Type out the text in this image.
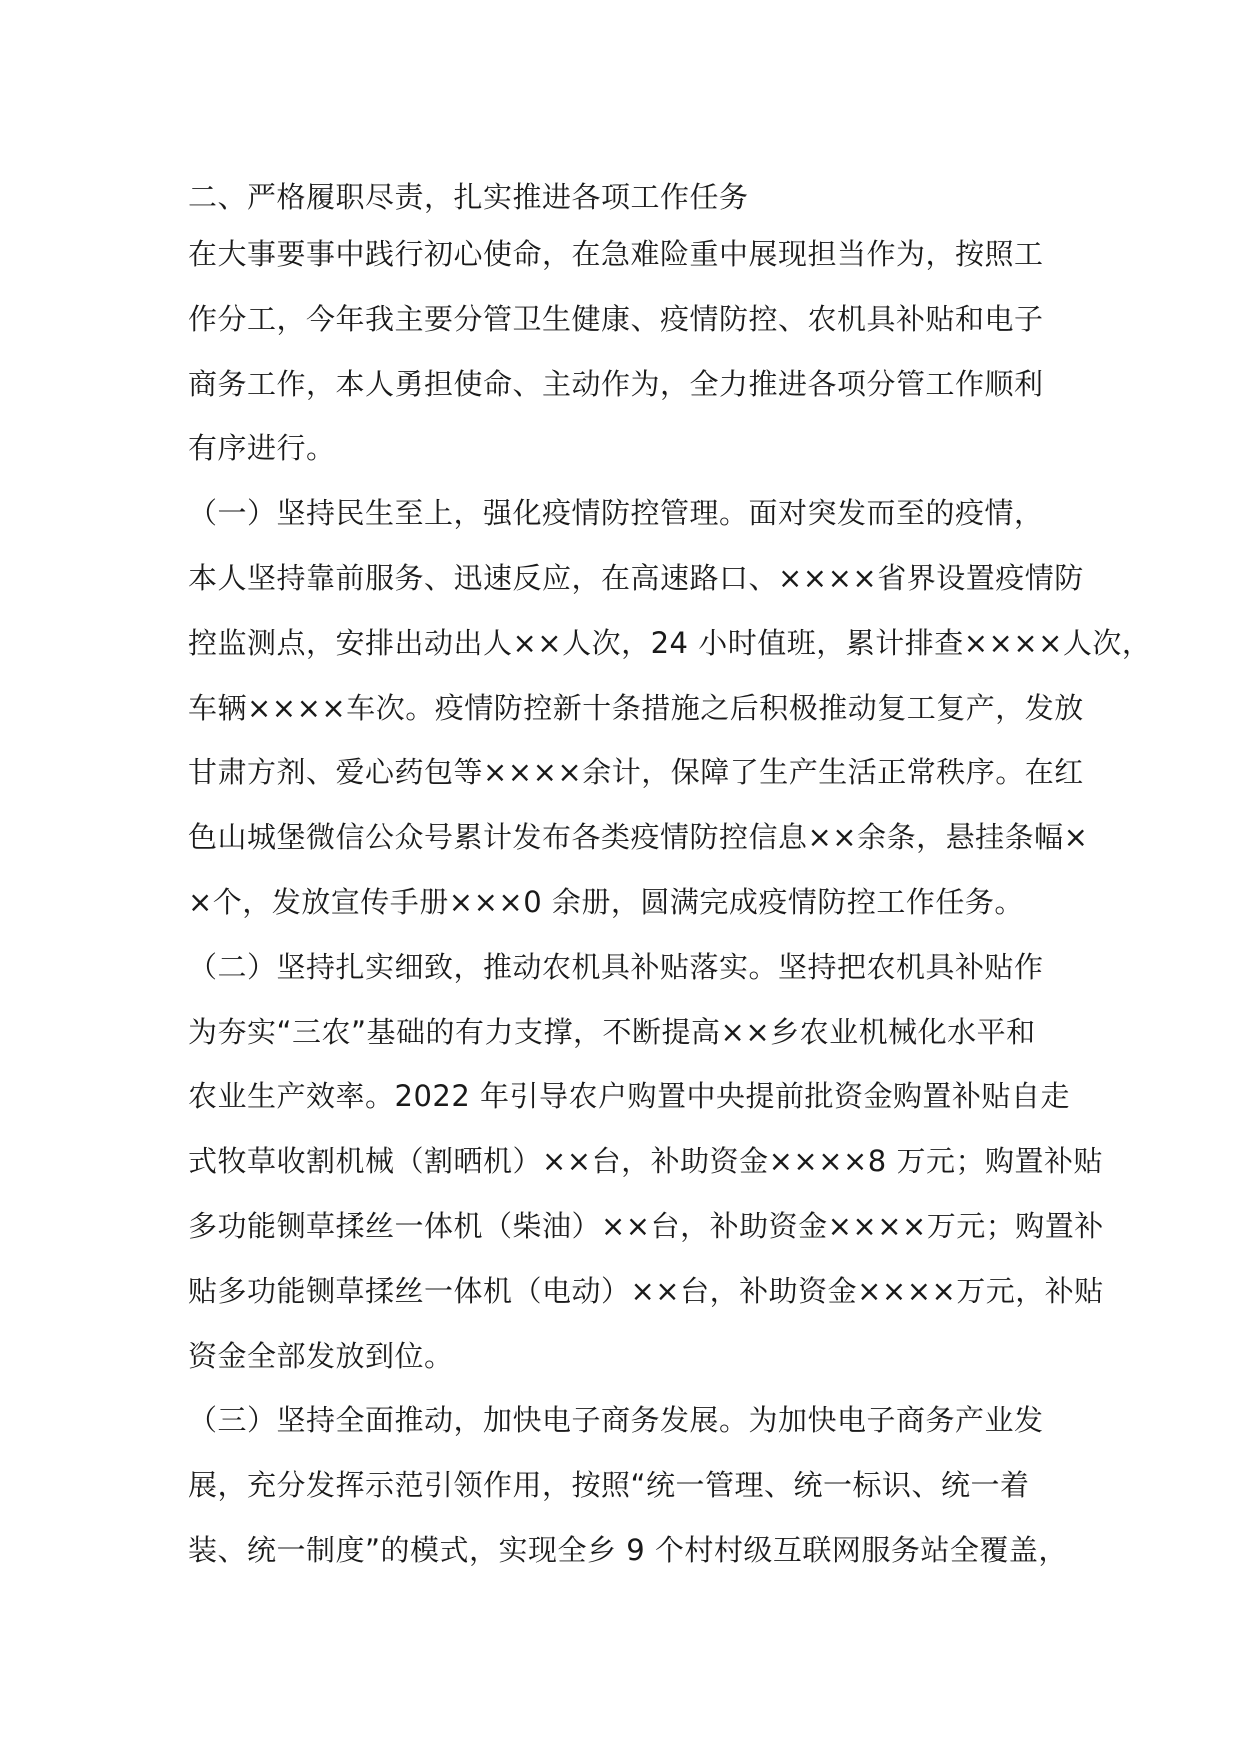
二、严格履职尽责，扎实推进各项工作任务
在大事要事中践行初心使命，在急难险重中展现担当作为，按照工
作分工，今年我主要分管卫生健康、疫情防控、农机具补贴和电子
商务工作，本人勇担使命、主动作为，全力推进各项分管工作顺利
有序进行。
（一）坚持民生至上，强化疫情防控管理。面对突发而至的疫情，
本人坚持靠前服务、迅速反应，在高速路口、××××省界设置疫情防
控监测点，安排出动出人××人次，24 小时值班，累计排查××××人次，
车辆××××车次。疫情防控新十条措施之后积极推动复工复产，发放
甘肃方剂、爱心药包等××××余计，保障了生产生活正常秩序。在红
色山城堡微信公众号累计发布各类疫情防控信息××余条，悬挂条幅×
×个，发放宣传手册×××0 余册，圆满完成疫情防控工作任务。
（二）坚持扎实细致，推动农机具补贴落实。坚持把农机具补贴作
为夯实“三农”基础的有力支撑，不断提高××乡农业机械化水平和
农业生产效率。2022 年引导农户购置中央提前批资金购置补贴自走
式牧草收割机械（割晒机）××台，补助资金××××8 万元；购置补贴
多功能铡草揉丝一体机（柴油）××台，补助资金××××万元；购置补
贴多功能铡草揉丝一体机（电动）××台，补助资金××××万元，补贴
资金全部发放到位。
（三）坚持全面推动，加快电子商务发展。为加快电子商务产业发
展，充分发挥示范引领作用，按照“统一管理、统一标识、统一着
装、统一制度”的模式，实现全乡 9 个村村级互联网服务站全覆盖，
